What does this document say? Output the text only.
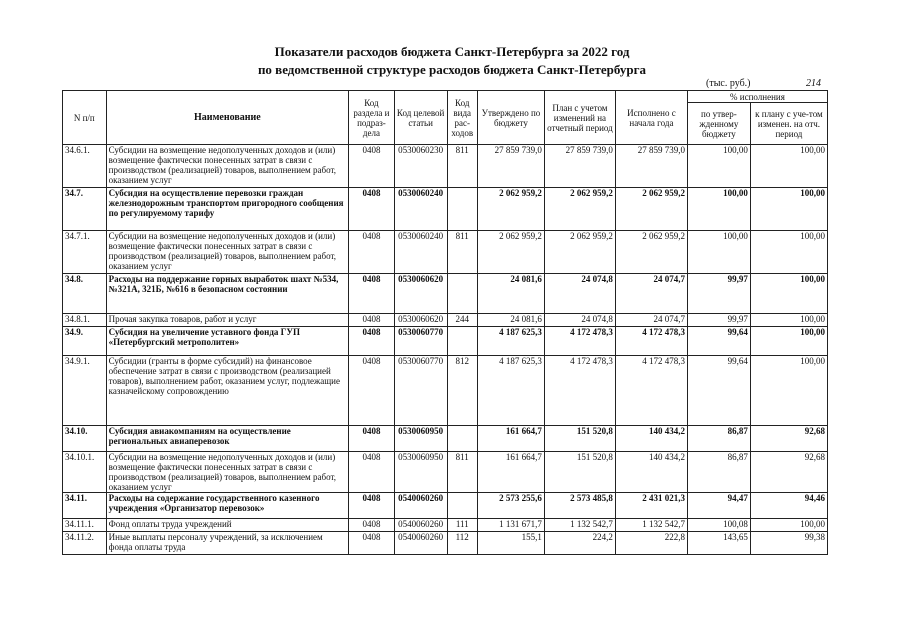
Показатели расходов бюджета Санкт-Петербурга за 2022 год
по ведомственной структуре расходов бюджета Санкт-Петербурга
(тыс. руб.)	214
N п/п	Наименование	Код раздела и подраз-дела	Код целевой статьи	Код вида рас-ходов	Утверждено по бюджету	План с учетом изменений на отчетный период	Исполнено с начала года	% исполнения	
								по утвер-жденному бюджету	к плану с уче-том изменен. на отч. период
34.6.1.	Субсидии на возмещение недополученных доходов и (или) возмещение фактически понесенных затрат в связи с производством (реализацией) товаров, выполнением работ, оказанием услуг	0408	0530060230	811	27 859 739,0	27 859 739,0	27 859 739,0	100,00	100,00
34.7.	Субсидия на осуществление перевозки граждан железнодорожным транспортом пригородного сообщения по регулируемому тарифу	0408	0530060240		2 062 959,2	2 062 959,2	2 062 959,2	100,00	100,00
34.7.1.	Субсидии на возмещение недополученных доходов и (или) возмещение фактически понесенных затрат в связи с производством (реализацией) товаров, выполнением работ, оказанием услуг	0408	0530060240	811	2 062 959,2	2 062 959,2	2 062 959,2	100,00	100,00
34.8.	Расходы на поддержание горных выработок шахт №534, №321А, 321Б, №616 в безопасном состоянии	0408	0530060620		24 081,6	24 074,8	24 074,7	99,97	100,00
34.8.1.	Прочая закупка товаров, работ и услуг	0408	0530060620	244	24 081,6	24 074,8	24 074,7	99,97	100,00
34.9.	Субсидия на увеличение уставного фонда ГУП «Петербургский метрополитен»	0408	0530060770		4 187 625,3	4 172 478,3	4 172 478,3	99,64	100,00
34.9.1.	Субсидии (гранты в форме субсидий) на финансовое обеспечение затрат в связи с производством (реализацией товаров), выполнением работ, оказанием услуг, подлежащие казначейскому сопровождению	0408	0530060770	812	4 187 625,3	4 172 478,3	4 172 478,3	99,64	100,00
34.10.	Субсидия авиакомпаниям на осуществление региональных авиаперевозок	0408	0530060950		161 664,7	151 520,8	140 434,2	86,87	92,68
34.10.1.	Субсидии на возмещение недополученных доходов и (или) возмещение фактически понесенных затрат в связи с производством (реализацией) товаров, выполнением работ, оказанием услуг	0408	0530060950	811	161 664,7	151 520,8	140 434,2	86,87	92,68
34.11.	Расходы на содержание государственного казенного учреждения «Организатор перевозок»	0408	0540060260		2 573 255,6	2 573 485,8	2 431 021,3	94,47	94,46
34.11.1.	Фонд оплаты труда учреждений	0408	0540060260	111	1 131 671,7	1 132 542,7	1 132 542,7	100,08	100,00
34.11.2.	Иные выплаты персоналу учреждений, за исключением фонда оплаты труда	0408	0540060260	112	155,1	224,2	222,8	143,65	99,38
